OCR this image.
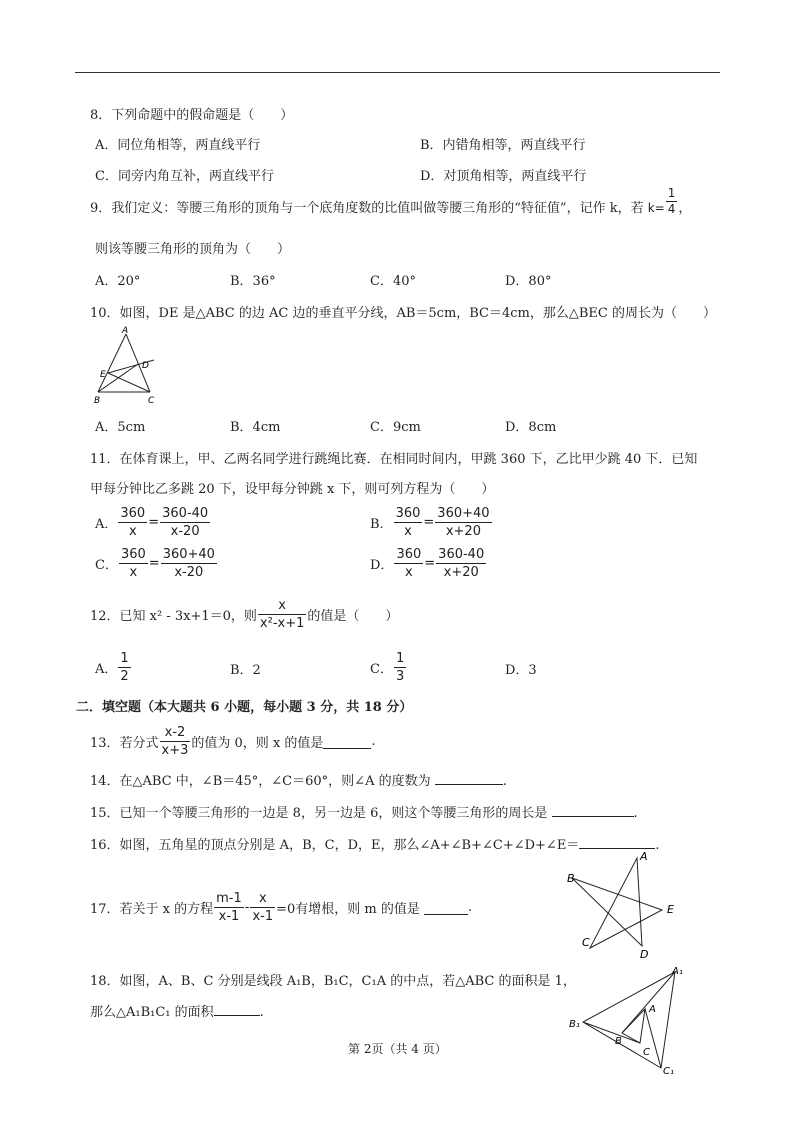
8．下列命题中的假命题是（　　）
A．同位角相等，两直线平行	B．内错角相等，两直线平行
C．同旁内角互补，两直线平行	D．对顶角相等，两直线平行
9．我们定义：等腰三角形的顶角与一个底角度数的比值叫做等腰三角形的“特征值”，记作 k，若 $k= \frac{1}{4}$ ，
则该等腰三角形的顶角为（　　）
A．20°	B．36°	C．40°	D．80°
10．如图，DE 是△ABC 的边 AC 边的垂直平分线，AB＝5cm，BC＝4cm，那么△BEC 的周长为（　　）
A
E
D
B	C
A．5cm	B．4cm	C．9cm	D．8cm
11．在体育课上，甲、乙两名同学进行跳绳比赛．在相同时间内，甲跳 360 下，乙比甲少跳 40 下．已知
甲每分钟比乙多跳 20 下，设甲每分钟跳 x 下，则可列方程为（　　）
A． $\frac{360}{x} = \frac{360-40}{x-20}$	B． $\frac{360}{x} = \frac{360+40}{x+20}$
C． $\frac{360}{x} = \frac{360+40}{x-20}$	D． $\frac{360}{x} = \frac{360-40}{x+20}$
12．已知 x² - 3x+1＝0，则 $\frac{x}{\text{x²-x+1}}$ 的值是（　　）
A． $\frac{1}{2}$	B．2	C． $\frac{1}{3}$	D．3
二．填空题（本大题共 6 小题，每小题 3 分，共 18 分）
13．若分式 $\frac{x-2}{x+3}$ 的值为 0，则 x 的值是	.
14．在△ABC 中，∠B＝45°，∠C＝60°，则∠A 的度数为	.
15．已知一个等腰三角形的一边是 8，另一边是 6，则这个等腰三角形的周长是	.
16．如图，五角星的顶点分别是 A，B，C，D，E，那么∠A+∠B+∠C+∠D+∠E＝	.
A
B
E
C
D
17．若关于 x 的方程 $\frac{m-1}{x-1} - \frac{x}{x-1} =0$有增根，则 m 的值是	.
18．如图，A、B、C 分别是线段 A₁B，B₁C，C₁A 的中点，若△ABC 的面积是 1，
那么△A₁B₁C₁ 的面积	.
A₁
B₁
C₁
A
B
C
第 2页（共 4 页）
